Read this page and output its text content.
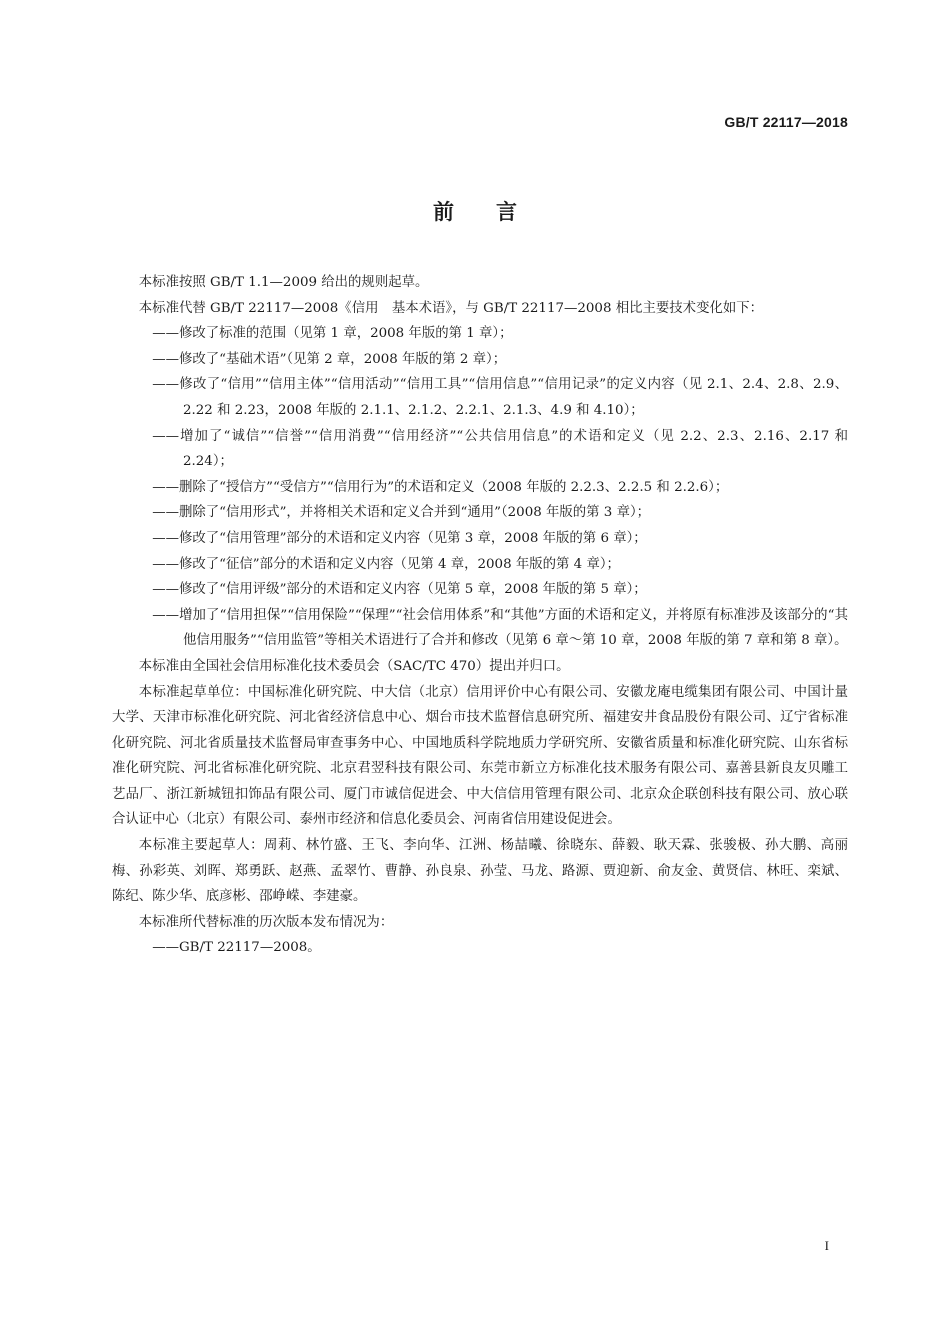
GB/T 22117—2018
前言

本标准按照 GB/T 1.1—2009 给出的规则起草。

本标准代替 GB/T 22117—2008《信用　基本术语》，与 GB/T 22117—2008 相比主要技术变化如下：

——修改了标准的范围（见第 1 章，2008 年版的第 1 章）；

——修改了“基础术语”（见第 2 章，2008 年版的第 2 章）；

——修改了“信用”“信用主体”“信用活动”“信用工具”“信用信息”“信用记录”的定义内容（见 2.1、2.4、2.8、2.9、2.22 和 2.23，2008 年版的 2.1.1、2.1.2、2.2.1、2.1.3、4.9 和 4.10）；

——增加了“诚信”“信誉”“信用消费”“信用经济”“公共信用信息”的术语和定义（见 2.2、2.3、2.16、2.17 和 2.24）；

——删除了“授信方”“受信方”“信用行为”的术语和定义（2008 年版的 2.2.3、2.2.5 和 2.2.6）；

——删除了“信用形式”，并将相关术语和定义合并到“通用”（2008 年版的第 3 章）；

——修改了“信用管理”部分的术语和定义内容（见第 3 章，2008 年版的第 6 章）；

——修改了“征信”部分的术语和定义内容（见第 4 章，2008 年版的第 4 章）；

——修改了“信用评级”部分的术语和定义内容（见第 5 章，2008 年版的第 5 章）；

——增加了“信用担保”“信用保险”“保理”“社会信用体系”和“其他”方面的术语和定义，并将原有标准涉及该部分的“其他信用服务”“信用监管”等相关术语进行了合并和修改（见第 6 章～第 10 章，2008 年版的第 7 章和第 8 章）。

本标准由全国社会信用标准化技术委员会（SAC/TC 470）提出并归口。

本标准起草单位：中国标准化研究院、中大信（北京）信用评价中心有限公司、安徽龙庵电缆集团有限公司、中国计量大学、天津市标准化研究院、河北省经济信息中心、烟台市技术监督信息研究所、福建安井食品股份有限公司、辽宁省标准化研究院、河北省质量技术监督局审查事务中心、中国地质科学院地质力学研究所、安徽省质量和标准化研究院、山东省标准化研究院、河北省标准化研究院、北京君翌科技有限公司、东莞市新立方标准化技术服务有限公司、嘉善县新良友贝雕工艺品厂、浙江新城钮扣饰品有限公司、厦门市诚信促进会、中大信信用管理有限公司、北京众企联创科技有限公司、放心联合认证中心（北京）有限公司、泰州市经济和信息化委员会、河南省信用建设促进会。

本标准主要起草人：周莉、林竹盛、王飞、李向华、江洲、杨喆曦、徐晓东、薛毅、耿天霖、张骏极、孙大鹏、高丽梅、孙彩英、刘晖、郑勇跃、赵燕、孟翠竹、曹静、孙良泉、孙莹、马龙、路源、贾迎新、俞友金、黄贤信、林旺、栾斌、陈纪、陈少华、底彦彬、邵峥嵘、李建豪。

本标准所代替标准的历次版本发布情况为：

——GB/T 22117—2008。

I
